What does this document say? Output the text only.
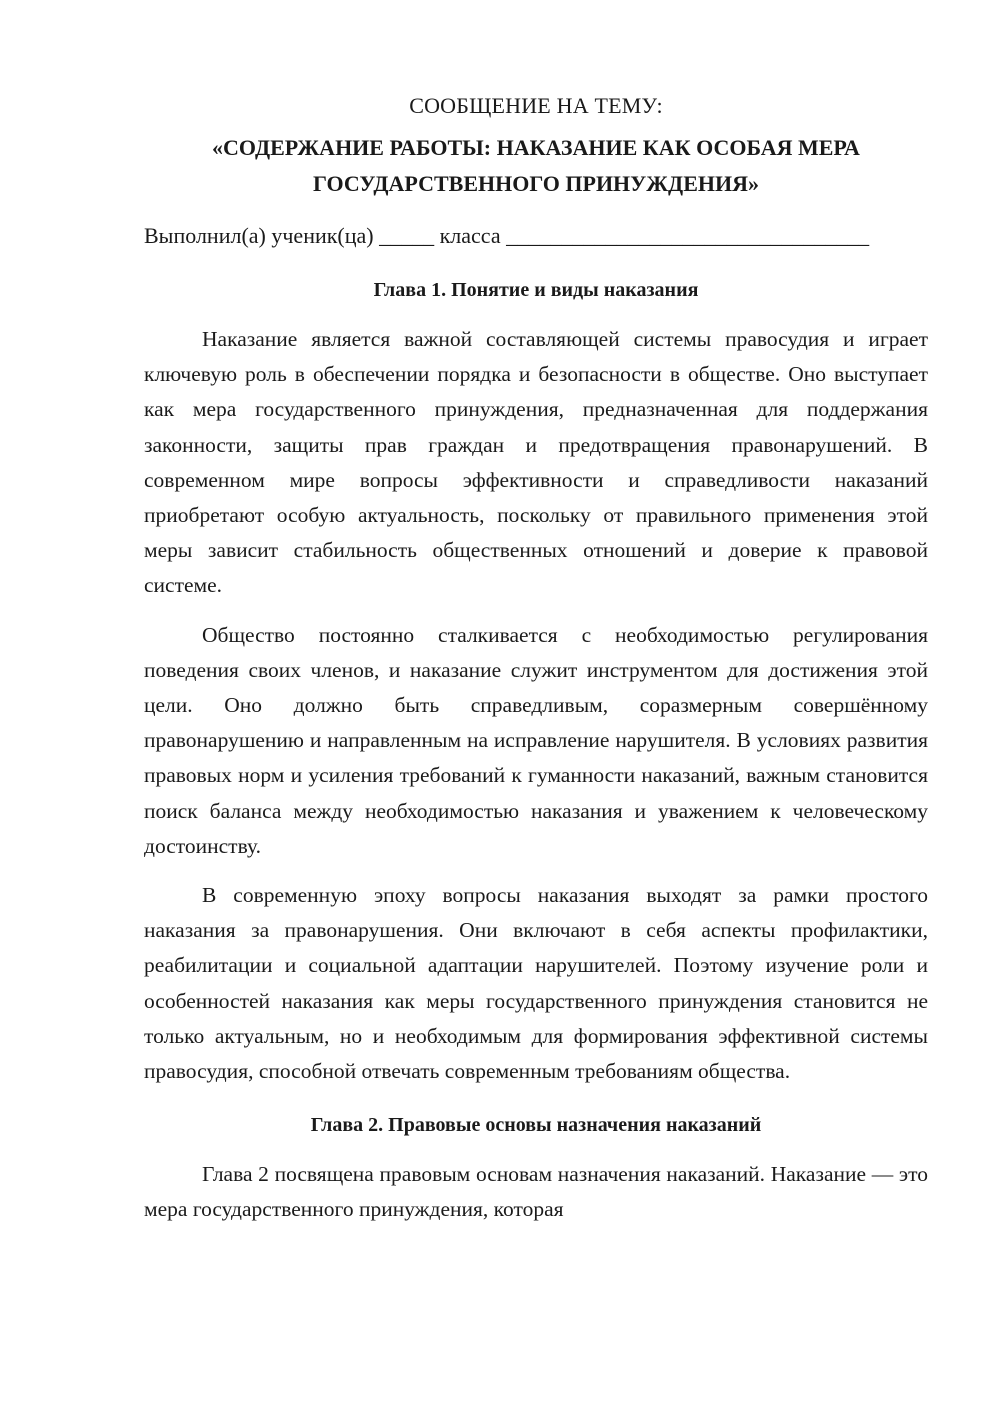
СООБЩЕНИЕ НА ТЕМУ:

«СОДЕРЖАНИЕ РАБОТЫ: НАКАЗАНИЕ КАК ОСОБАЯ МЕРА ГОСУДАРСТВЕННОГО ПРИНУЖДЕНИЯ»

Выполнил(а) ученик(ца) _____ класса _________________________________

Глава 1. Понятие и виды наказания

Наказание является важной составляющей системы правосудия и играет ключевую роль в обеспечении порядка и безопасности в обществе. Оно выступает как мера государственного принуждения, предназначенная для поддержания законности, защиты прав граждан и предотвращения правонарушений. В современном мире вопросы эффективности и справедливости наказаний приобретают особую актуальность, поскольку от правильного применения этой меры зависит стабильность общественных отношений и доверие к правовой системе.

Общество постоянно сталкивается с необходимостью регулирования поведения своих членов, и наказание служит инструментом для достижения этой цели. Оно должно быть справедливым, соразмерным совершённому правонарушению и направленным на исправление нарушителя. В условиях развития правовых норм и усиления требований к гуманности наказаний, важным становится поиск баланса между необходимостью наказания и уважением к человеческому достоинству.

В современную эпоху вопросы наказания выходят за рамки простого наказания за правонарушения. Они включают в себя аспекты профилактики, реабилитации и социальной адаптации нарушителей. Поэтому изучение роли и особенностей наказания как меры государственного принуждения становится не только актуальным, но и необходимым для формирования эффективной системы правосудия, способной отвечать современным требованиям общества.

Глава 2. Правовые основы назначения наказаний

Глава 2 посвящена правовым основам назначения наказаний. Наказание — это мера государственного принуждения, которая
